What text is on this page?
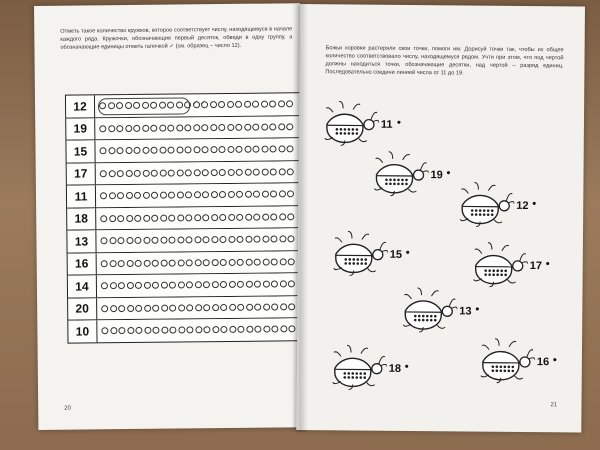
Отметь такое количество кружков, которое соответствует числу, находящемуся в начале каждого ряда. Кружочки, обозначающие первый десяток, обведи в одну группу, а обозначающие единицы отметь галочкой ✓ (см. образец – число 12).
12	✓ ✓
19
15
17
11
18
13
16
14
20
10
20
Божьи коровки растеряли свои точки, помоги им. Дорисуй точки так, чтобы их общее количество соответствовало числу, находящемуся рядом. Учти при этом, что под чертой должны находиться точки, обозначающие десятки, над чертой – разряд единиц. Последовательно соедини линией числа от 11 до 19.
11 •
19 •
12 •
15 •
17 •
13 •
18 •	16 •
21
